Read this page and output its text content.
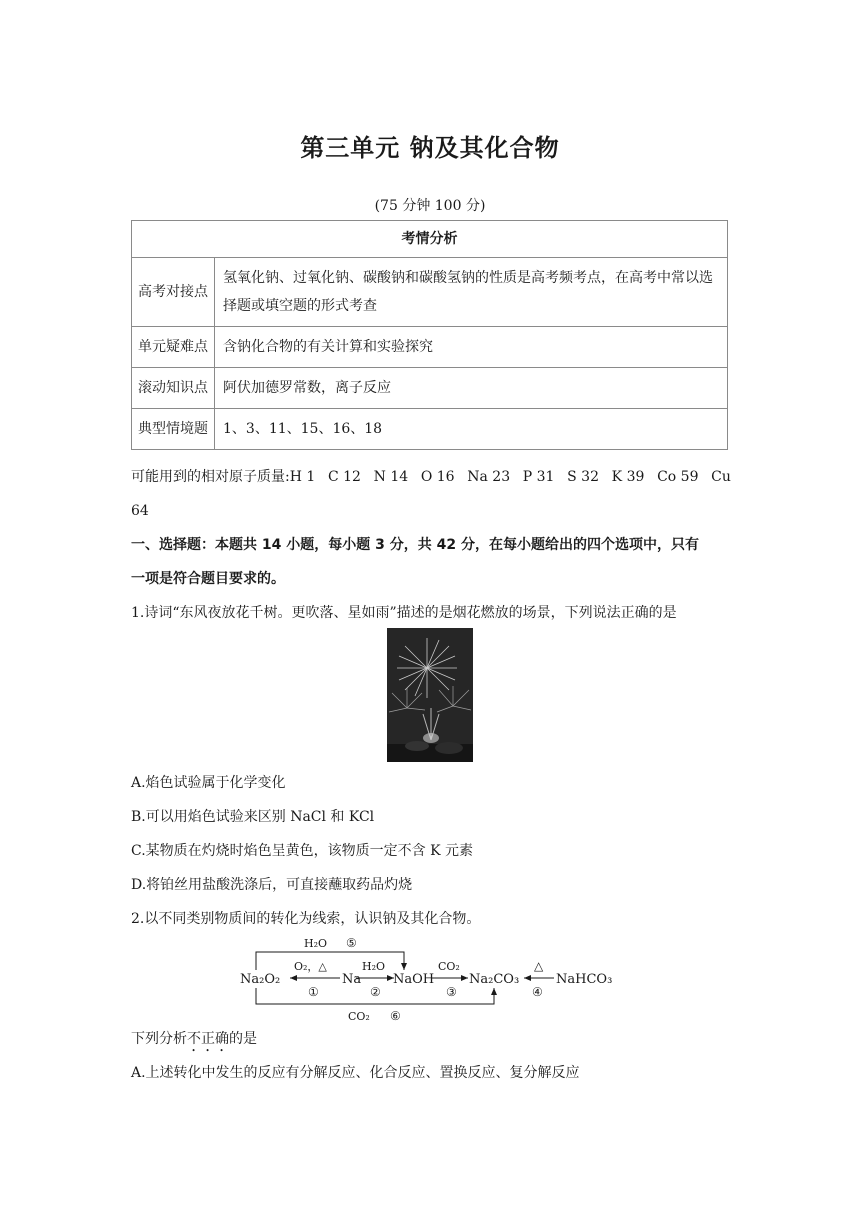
第三单元 钠及其化合物
(75 分钟 100 分)
考情分析	
高考对接点	氢氧化钠、过氧化钠、碳酸钠和碳酸氢钠的性质是高考频考点，在高考中常以选择题或填空题的形式考查
单元疑难点	含钠化合物的有关计算和实验探究
滚动知识点	阿伏加德罗常数，离子反应
典型情境题	1、3、11、15、16、18
可能用到的相对原子质量:H 1 C 12 N 14 O 16 Na 23 P 31 S 32 K 39 Co 59 Cu
64
一、选择题：本题共 14 小题，每小题 3 分，共 42 分，在每小题给出的四个选项中，只有
一项是符合题目要求的。
1.诗词“东风夜放花千树。更吹落、星如雨”描述的是烟花燃放的场景，下列说法正确的是
A.焰色试验属于化学变化
B.可以用焰色试验来区别 NaCl 和 KCl
C.某物质在灼烧时焰色呈黄色，该物质一定不含 K 元素
D.将铂丝用盐酸洗涤后，可直接蘸取药品灼烧
2.以不同类别物质间的转化为线索，认识钠及其化合物。
Na₂O₂	Na NaOH	Na₂CO₃	NaHCO₃
O₂，△
①
H₂O
②
CO₂
③
△
④
H₂O ⑤
CO₂ ⑥
下列分析不正确的是
A.上述转化中发生的反应有分解反应、化合反应、置换反应、复分解反应
